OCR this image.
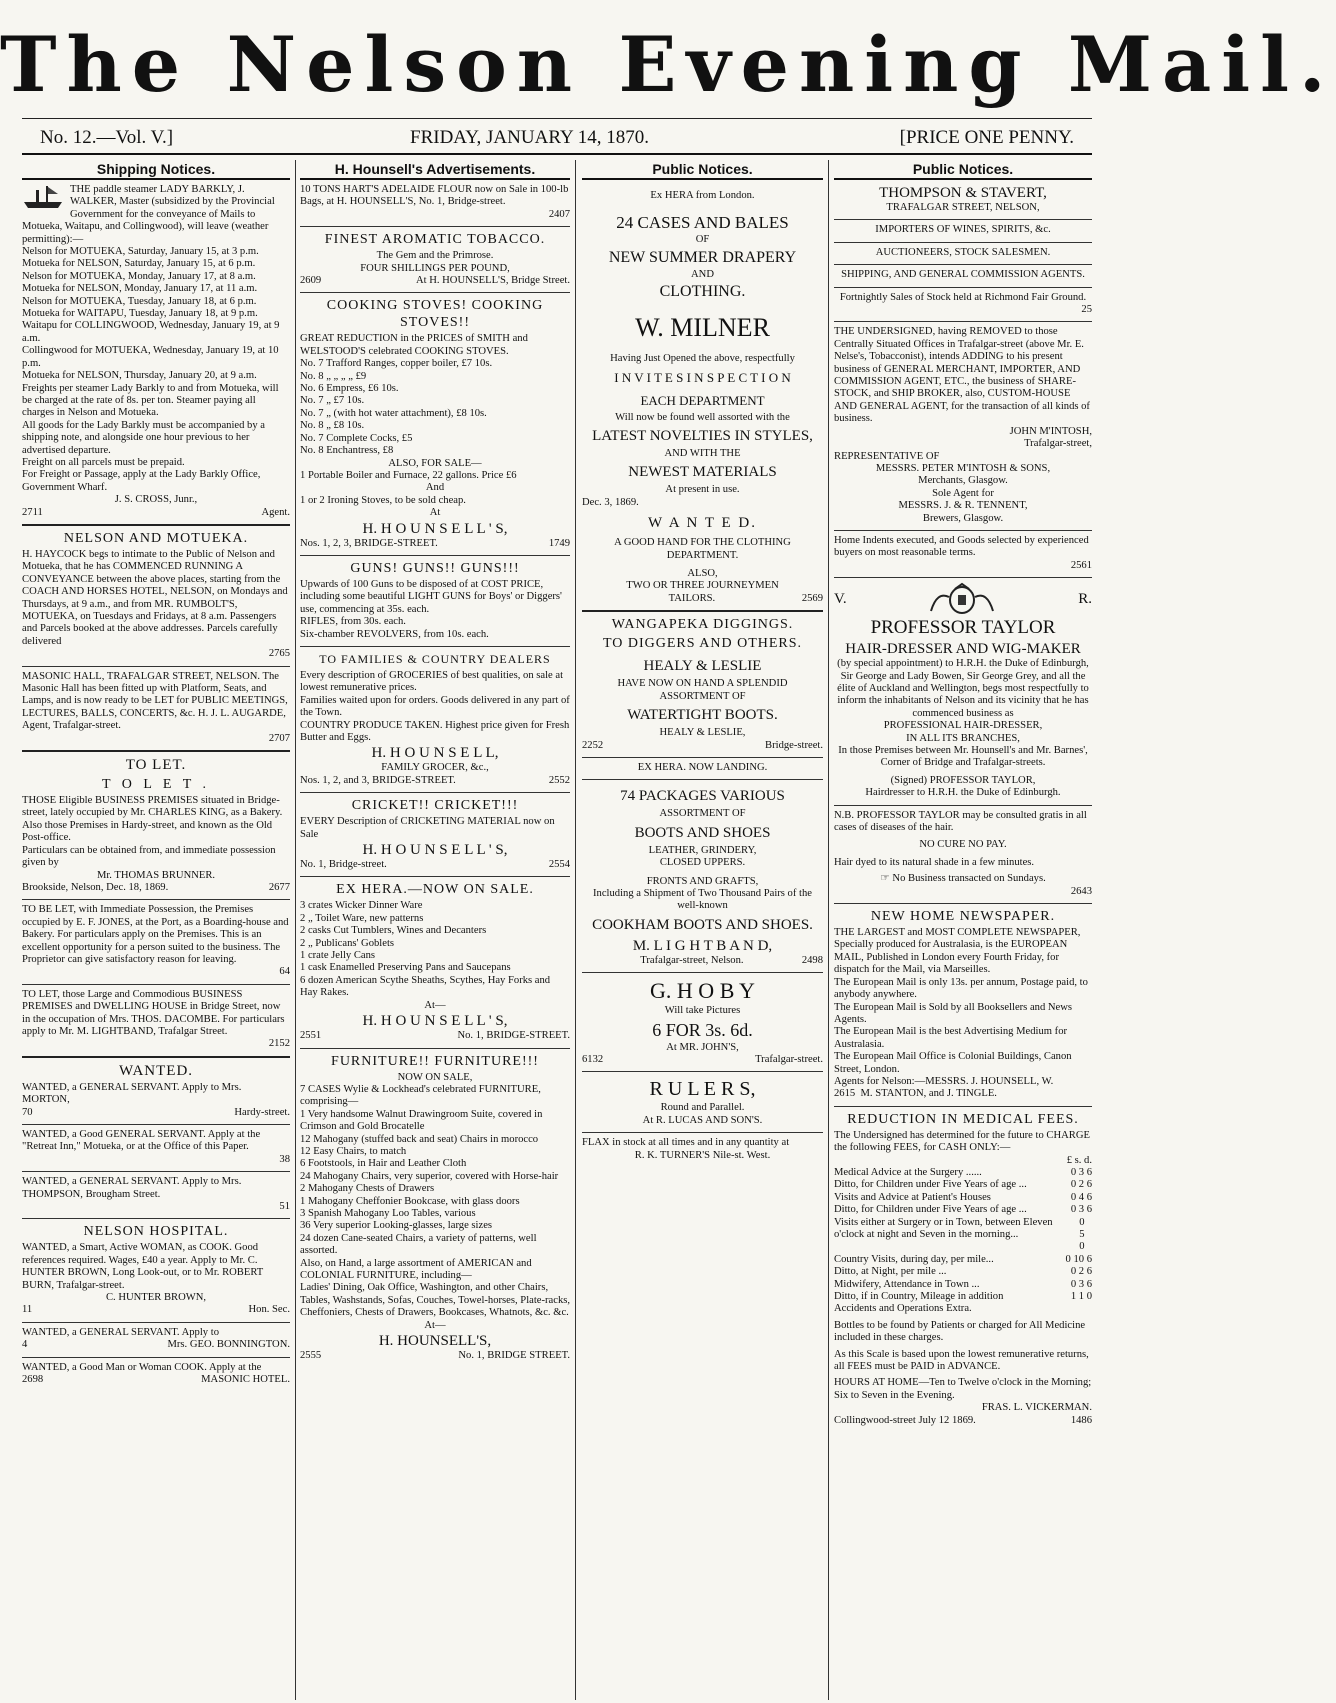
The Nelson Evening Mail.
No. 12.—Vol. V.]	FRIDAY, JANUARY 14, 1870.	[PRICE ONE PENNY.
Shipping Notices.

THE paddle steamer LADY BARKLY, J. WALKER, Master (subsidized by the Provincial Government for the conveyance of Mails to Motueka, Waitapu, and Collingwood), will leave (weather permitting):—

Nelson for MOTUEKA, Saturday, January 15, at 3 p.m.

Motueka for NELSON, Saturday, January 15, at 6 p.m.

Nelson for MOTUEKA, Monday, January 17, at 8 a.m.

Motueka for NELSON, Monday, January 17, at 11 a.m.

Nelson for MOTUEKA, Tuesday, January 18, at 6 p.m.

Motueka for WAITAPU, Tuesday, January 18, at 9 p.m.

Waitapu for COLLINGWOOD, Wednesday, January 19, at 9 a.m.

Collingwood for MOTUEKA, Wednesday, January 19, at 10 p.m.

Motueka for NELSON, Thursday, January 20, at 9 a.m.

Freights per steamer Lady Barkly to and from Motueka, will be charged at the rate of 8s. per ton. Steamer paying all charges in Nelson and Motueka.

All goods for the Lady Barkly must be accompanied by a shipping note, and alongside one hour previous to her advertised departure.

Freight on all parcels must be prepaid.

For Freight or Passage, apply at the Lady Barkly Office, Government Wharf.

J. S. CROSS, Junr.,

2711	Agent.
NELSON AND MOTUEKA.

H. HAYCOCK begs to intimate to the Public of Nelson and Motueka, that he has COMMENCED RUNNING A CONVEYANCE between the above places, starting from the COACH AND HORSES HOTEL, NELSON, on Mondays and Thursdays, at 9 a.m., and from MR. RUMBOLT'S, MOTUEKA, on Tuesdays and Fridays, at 8 a.m. Passengers and Parcels booked at the above addresses. Parcels carefully delivered

2765

MASONIC HALL, TRAFALGAR STREET, NELSON. The Masonic Hall has been fitted up with Platform, Seats, and Lamps, and is now ready to be LET for PUBLIC MEETINGS, LECTURES, BALLS, CONCERTS, &c. H. J. L. AUGARDE, Agent, Trafalgar-street.

2707

TO LET.
T O L E T .

THOSE Eligible BUSINESS PREMISES situated in Bridge-street, lately occupied by Mr. CHARLES KING, as a Bakery. Also those Premises in Hardy-street, and known as the Old Post-office.

Particulars can be obtained from, and immediate possession given by

Mr. THOMAS BRUNNER.

Brookside, Nelson, Dec. 18, 1869.	2677

TO BE LET, with Immediate Possession, the Premises occupied by E. F. JONES, at the Port, as a Boarding-house and Bakery. For particulars apply on the Premises. This is an excellent opportunity for a person suited to the business. The Proprietor can give satisfactory reason for leaving.

64

TO LET, those Large and Commodious BUSINESS PREMISES and DWELLING HOUSE in Bridge Street, now in the occupation of Mrs. THOS. DACOMBE. For particulars apply to Mr. M. LIGHTBAND, Trafalgar Street.

2152

WANTED.

WANTED, a GENERAL SERVANT. Apply to Mrs. MORTON,

70	Hardy-street.

WANTED, a Good GENERAL SERVANT. Apply at the "Retreat Inn," Motueka, or at the Office of this Paper.

38

WANTED, a GENERAL SERVANT. Apply to Mrs. THOMPSON, Brougham Street.

51

NELSON HOSPITAL.

WANTED, a Smart, Active WOMAN, as COOK. Good references required. Wages, £40 a year. Apply to Mr. C. HUNTER BROWN, Long Look-out, or to Mr. ROBERT BURN, Trafalgar-street.

C. HUNTER BROWN,

11	Hon. Sec.

WANTED, a GENERAL SERVANT. Apply to

4	Mrs. GEO. BONNINGTON.

WANTED, a Good Man or Woman COOK. Apply at the

2698	MASONIC HOTEL.
H. Hounsell's Advertisements.

10 TONS HART'S ADELAIDE FLOUR now on Sale in 100-lb Bags, at H. HOUNSELL'S, No. 1, Bridge-street.

2407

FINEST AROMATIC TOBACCO.

The Gem and the Primrose.

FOUR SHILLINGS PER POUND,

2609	At H. HOUNSELL'S, Bridge Street.
COOKING STOVES! COOKING STOVES!!

GREAT REDUCTION in the PRICES of SMITH and WELSTOOD'S celebrated COOKING STOVES.

No. 7 Trafford Ranges, copper boiler, £7 10s.

No. 8 „ „ „ „ £9

No. 6 Empress, £6 10s.

No. 7 „ £7 10s.

No. 7 „ (with hot water attachment), £8 10s.

No. 8 „ £8 10s.

No. 7 Complete Cocks, £5

No. 8 Enchantress, £8

ALSO, FOR SALE—

1 Portable Boiler and Furnace, 22 gallons. Price £6

And

1 or 2 Ironing Stoves, to be sold cheap.

At

H. H O U N S E L L ' S,

Nos. 1, 2, 3, BRIDGE-STREET.	1749
GUNS! GUNS!! GUNS!!!

Upwards of 100 Guns to be disposed of at COST PRICE, including some beautiful LIGHT GUNS for Boys' or Diggers' use, commencing at 35s. each.

RIFLES, from 30s. each.

Six-chamber REVOLVERS, from 10s. each.

TO FAMILIES & COUNTRY DEALERS

Every description of GROCERIES of best qualities, on sale at lowest remunerative prices.

Families waited upon for orders. Goods delivered in any part of the Town.

COUNTRY PRODUCE TAKEN. Highest price given for Fresh Butter and Eggs.

H. H O U N S E L L,

FAMILY GROCER, &c.,

Nos. 1, 2, and 3, BRIDGE-STREET.	2552
CRICKET!! CRICKET!!!

EVERY Description of CRICKETING MATERIAL now on Sale

H. H O U N S E L L ' S,

No. 1, Bridge-street.	2554
EX HERA.—NOW ON SALE.

3 crates Wicker Dinner Ware

2 „ Toilet Ware, new patterns

2 casks Cut Tumblers, Wines and Decanters

2 „ Publicans' Goblets

1 crate Jelly Cans

1 cask Enamelled Preserving Pans and Saucepans

6 dozen American Scythe Sheaths, Scythes, Hay Forks and Hay Rakes.

At—

H. H O U N S E L L ' S,

2551	No. 1, BRIDGE-STREET.
FURNITURE!! FURNITURE!!!

NOW ON SALE,

7 CASES Wylie & Lockhead's celebrated FURNITURE, comprising—

1 Very handsome Walnut Drawingroom Suite, covered in Crimson and Gold Brocatelle

12 Mahogany (stuffed back and seat) Chairs in morocco

12 Easy Chairs, to match

6 Footstools, in Hair and Leather Cloth

24 Mahogany Chairs, very superior, covered with Horse-hair

2 Mahogany Chests of Drawers

1 Mahogany Cheffonier Bookcase, with glass doors

3 Spanish Mahogany Loo Tables, various

36 Very superior Looking-glasses, large sizes

24 dozen Cane-seated Chairs, a variety of patterns, well assorted.

Also, on Hand, a large assortment of AMERICAN and COLONIAL FURNITURE, including—

Ladies' Dining, Oak Office, Washington, and other Chairs, Tables, Washstands, Sofas, Couches, Towel-horses, Plate-racks, Cheffoniers, Chests of Drawers, Bookcases, Whatnots, &c. &c.

At—

H. HOUNSELL'S,

2555	No. 1, BRIDGE STREET.
Public Notices.

Ex HERA from London.

24 CASES AND BALES

OF

NEW SUMMER DRAPERY

AND

CLOTHING.

W. MILNER

Having Just Opened the above, respectfully

I N V I T E S I N S P E C T I O N

EACH DEPARTMENT

Will now be found well assorted with the

LATEST NOVELTIES IN STYLES,

AND WITH THE

NEWEST MATERIALS

At present in use.

Dec. 3, 1869.

W A N T E D.

A GOOD HAND FOR THE CLOTHING

DEPARTMENT.

ALSO,

TWO OR THREE JOURNEYMEN

TAILORS.	2569
WANGAPEKA DIGGINGS.
TO DIGGERS AND OTHERS.

HEALY & LESLIE

HAVE NOW ON HAND A SPLENDID

ASSORTMENT OF

WATERTIGHT BOOTS.

HEALY & LESLIE,

2252	Bridge-street.

EX HERA. NOW LANDING.

74 PACKAGES VARIOUS

ASSORTMENT OF

BOOTS AND SHOES

LEATHER, GRINDERY,

CLOSED UPPERS.

FRONTS AND GRAFTS,

Including a Shipment of Two Thousand Pairs of the well-known

COOKHAM BOOTS AND SHOES.

M. L I G H T B A N D,

Trafalgar-street, Nelson.	2498

G. H O B Y

Will take Pictures

6 FOR 3s. 6d.

At MR. JOHN'S,

6132	Trafalgar-street.

R U L E R S,

Round and Parallel.

At R. LUCAS AND SON'S.

FLAX in stock at all times and in any quantity at

R. K. TURNER'S Nile-st. West.

Public Notices.

THOMPSON & STAVERT,

TRAFALGAR STREET, NELSON,

IMPORTERS OF WINES, SPIRITS, &c.

AUCTIONEERS, STOCK SALESMEN.

SHIPPING, AND GENERAL COMMISSION AGENTS.

Fortnightly Sales of Stock held at Richmond Fair Ground.

25

THE UNDERSIGNED, having REMOVED to those Centrally Situated Offices in Trafalgar-street (above Mr. E. Nelse's, Tobacconist), intends ADDING to his present business of GENERAL MERCHANT, IMPORTER, AND COMMISSION AGENT, ETC., the business of SHARE-STOCK, and SHIP BROKER, also, CUSTOM-HOUSE AND GENERAL AGENT, for the transaction of all kinds of business.

JOHN M'INTOSH,

Trafalgar-street,

REPRESENTATIVE OF

MESSRS. PETER M'INTOSH & SONS,

Merchants, Glasgow.

Sole Agent for

MESSRS. J. & R. TENNENT,

Brewers, Glasgow.

Home Indents executed, and Goods selected by experienced buyers on most reasonable terms.

2561

V.	R.

PROFESSOR TAYLOR

HAIR-DRESSER AND WIG-MAKER

(by special appointment) to H.R.H. the Duke of Edinburgh, Sir George and Lady Bowen, Sir George Grey, and all the élite of Auckland and Wellington, begs most respectfully to inform the inhabitants of Nelson and its vicinity that he has commenced business as

PROFESSIONAL HAIR-DRESSER,

IN ALL ITS BRANCHES,

In those Premises between Mr. Hounsell's and Mr. Barnes', Corner of Bridge and Trafalgar-streets.

(Signed) PROFESSOR TAYLOR,

Hairdresser to H.R.H. the Duke of Edinburgh.

N.B. PROFESSOR TAYLOR may be consulted gratis in all cases of diseases of the hair.

NO CURE NO PAY.

Hair dyed to its natural shade in a few minutes.

☞ No Business transacted on Sundays.

2643

NEW HOME NEWSPAPER.

THE LARGEST and MOST COMPLETE NEWSPAPER, Specially produced for Australasia, is the EUROPEAN MAIL, Published in London every Fourth Friday, for dispatch for the Mail, via Marseilles.

The European Mail is only 13s. per annum, Postage paid, to anybody anywhere.

The European Mail is Sold by all Booksellers and News Agents.

The European Mail is the best Advertising Medium for Australasia.

The European Mail Office is Colonial Buildings, Canon Street, London.

Agents for Nelson:—MESSRS. J. HOUNSELL, W.

2615 M. STANTON, and J. TINGLE.

REDUCTION IN MEDICAL FEES.

The Undersigned has determined for the future to CHARGE the following FEES, for CASH ONLY:—

£ s. d.

Medical Advice at the Surgery ......	0 3 6
Ditto, for Children under Five Years of age ...	0 2 6
Visits and Advice at Patient's Houses	0 4 6
Ditto, for Children under Five Years of age ...	0 3 6
Visits either at Surgery or in Town, between Eleven o'clock at night and Seven in the morning...
0 5 0
Country Visits, during day, per mile...	0 10 6
Ditto, at Night, per mile ...	0 2 6
Midwifery, Attendance in Town ...	0 3 6
Ditto, if in Country, Mileage in addition	1 1 0

Accidents and Operations Extra.

Bottles to be found by Patients or charged for All Medicine included in these charges.

As this Scale is based upon the lowest remunerative returns, all FEES must be PAID in ADVANCE.

HOURS AT HOME—Ten to Twelve o'clock in the Morning; Six to Seven in the Evening.

FRAS. L. VICKERMAN.

Collingwood-street July 12 1869.	1486
